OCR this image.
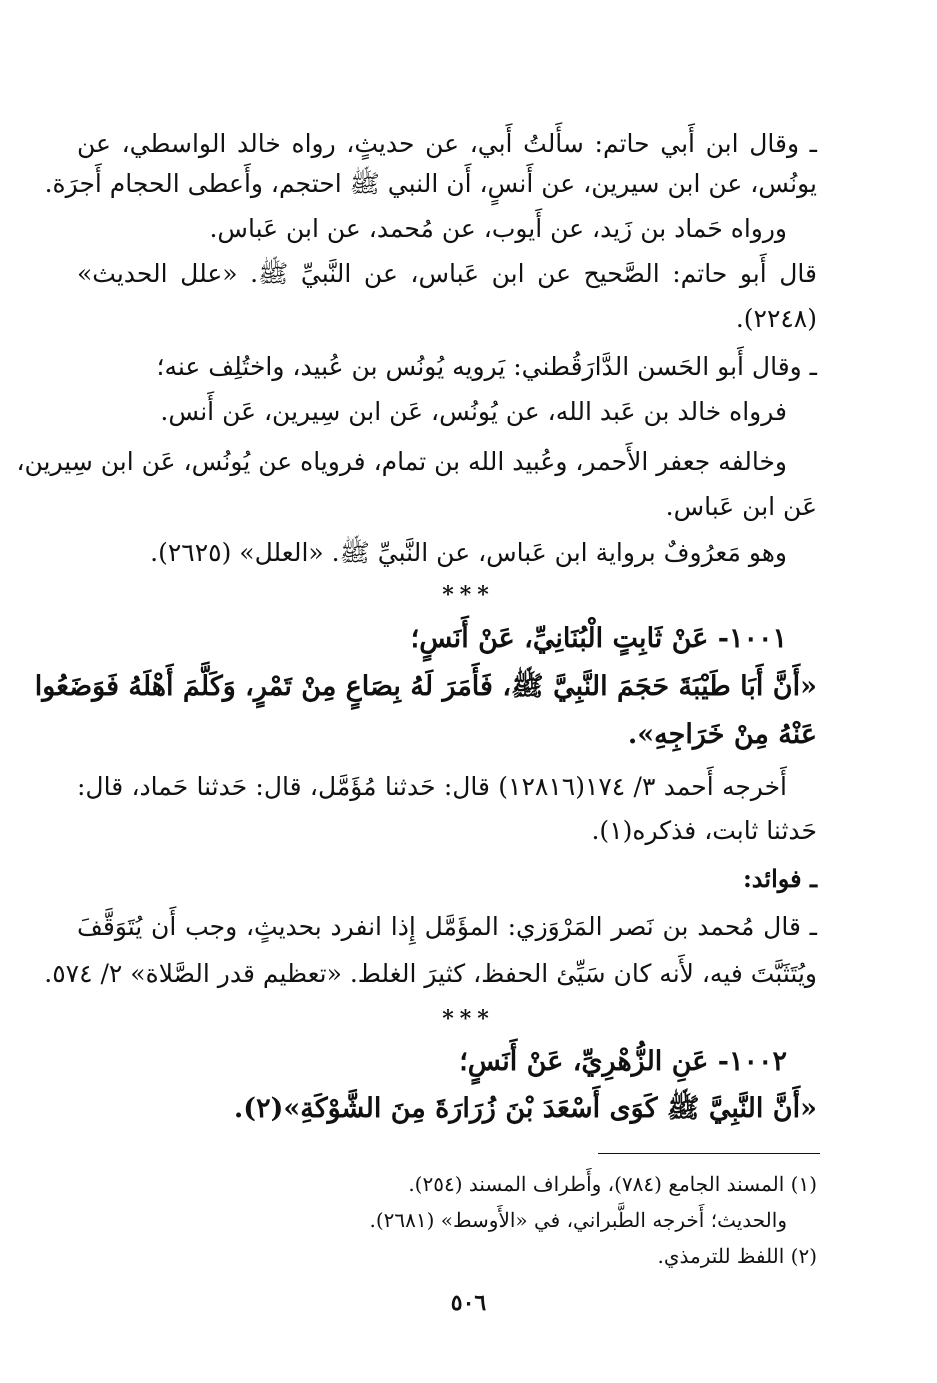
ـ وقال ابن أَبي حاتم: سأَلتُ أَبي، عن حديثٍ، رواه خالد الواسطي، عن
يونُس، عن ابن سيرين، عن أَنسٍ، أَن النبي ﷺ احتجم، وأَعطى الحجام أَجرَة.
ورواه حَماد بن زَيد، عن أَيوب، عن مُحمد، عن ابن عَباس.
قال أَبو حاتم: الصَّحيح عن ابن عَباس، عن النَّبيِّ ﷺ. «علل الحديث»
(٢٢٤٨).
ـ وقال أَبو الحَسن الدَّارَقُطني: يَرويه يُونُس بن عُبيد، واختُلِف عنه؛
فرواه خالد بن عَبد الله، عن يُونُس، عَن ابن سِيرين، عَن أَنس.
وخالفه جعفر الأَحمر، وعُبيد الله بن تمام، فروياه عن يُونُس، عَن ابن سِيرين،
عَن ابن عَباس.
وهو مَعرُوفٌ برواية ابن عَباس، عن النَّبيِّ ﷺ. «العلل» (٢٦٢٥).
***
١٠٠١- عَنْ ثَابِتٍ الْبُنَانِيِّ، عَنْ أَنَسٍ؛
«أَنَّ أَبَا طَيْبَةَ حَجَمَ النَّبِيَّ ﷺ، فَأَمَرَ لَهُ بِصَاعٍ مِنْ تَمْرٍ، وَكَلَّمَ أَهْلَهُ فَوَضَعُوا
عَنْهُ مِنْ خَرَاجِهِ».
أَخرجه أَحمد ٣/ ١٧٤(١٢٨١٦) قال: حَدثنا مُؤَمَّل، قال: حَدثنا حَماد، قال:
حَدثنا ثابت، فذكره(١).
ـ فوائد:
ـ قال مُحمد بن نَصر المَرْوَزي: المؤَمَّل إِذا انفرد بحديثٍ، وجب أَن يُتَوَقَّفَ
ويُتَثَبَّتَ فيه، لأَنه كان سَيِّئ الحفظ، كثيرَ الغلط. «تعظيم قدر الصَّلاة» ٢/ ٥٧٤.
***
١٠٠٢- عَنِ الزُّهْرِيِّ، عَنْ أَنَسٍ؛
«أَنَّ النَّبِيَّ ﷺ كَوَى أَسْعَدَ بْنَ زُرَارَةَ مِنَ الشَّوْكَةِ»(٢).
(١) المسند الجامع (٧٨٤)، وأَطراف المسند (٢٥٤).
والحديث؛ أَخرجه الطَّبراني، في «الأَوسط» (٢٦٨١).
(٢) اللفظ للترمذي.
٥٠٦
